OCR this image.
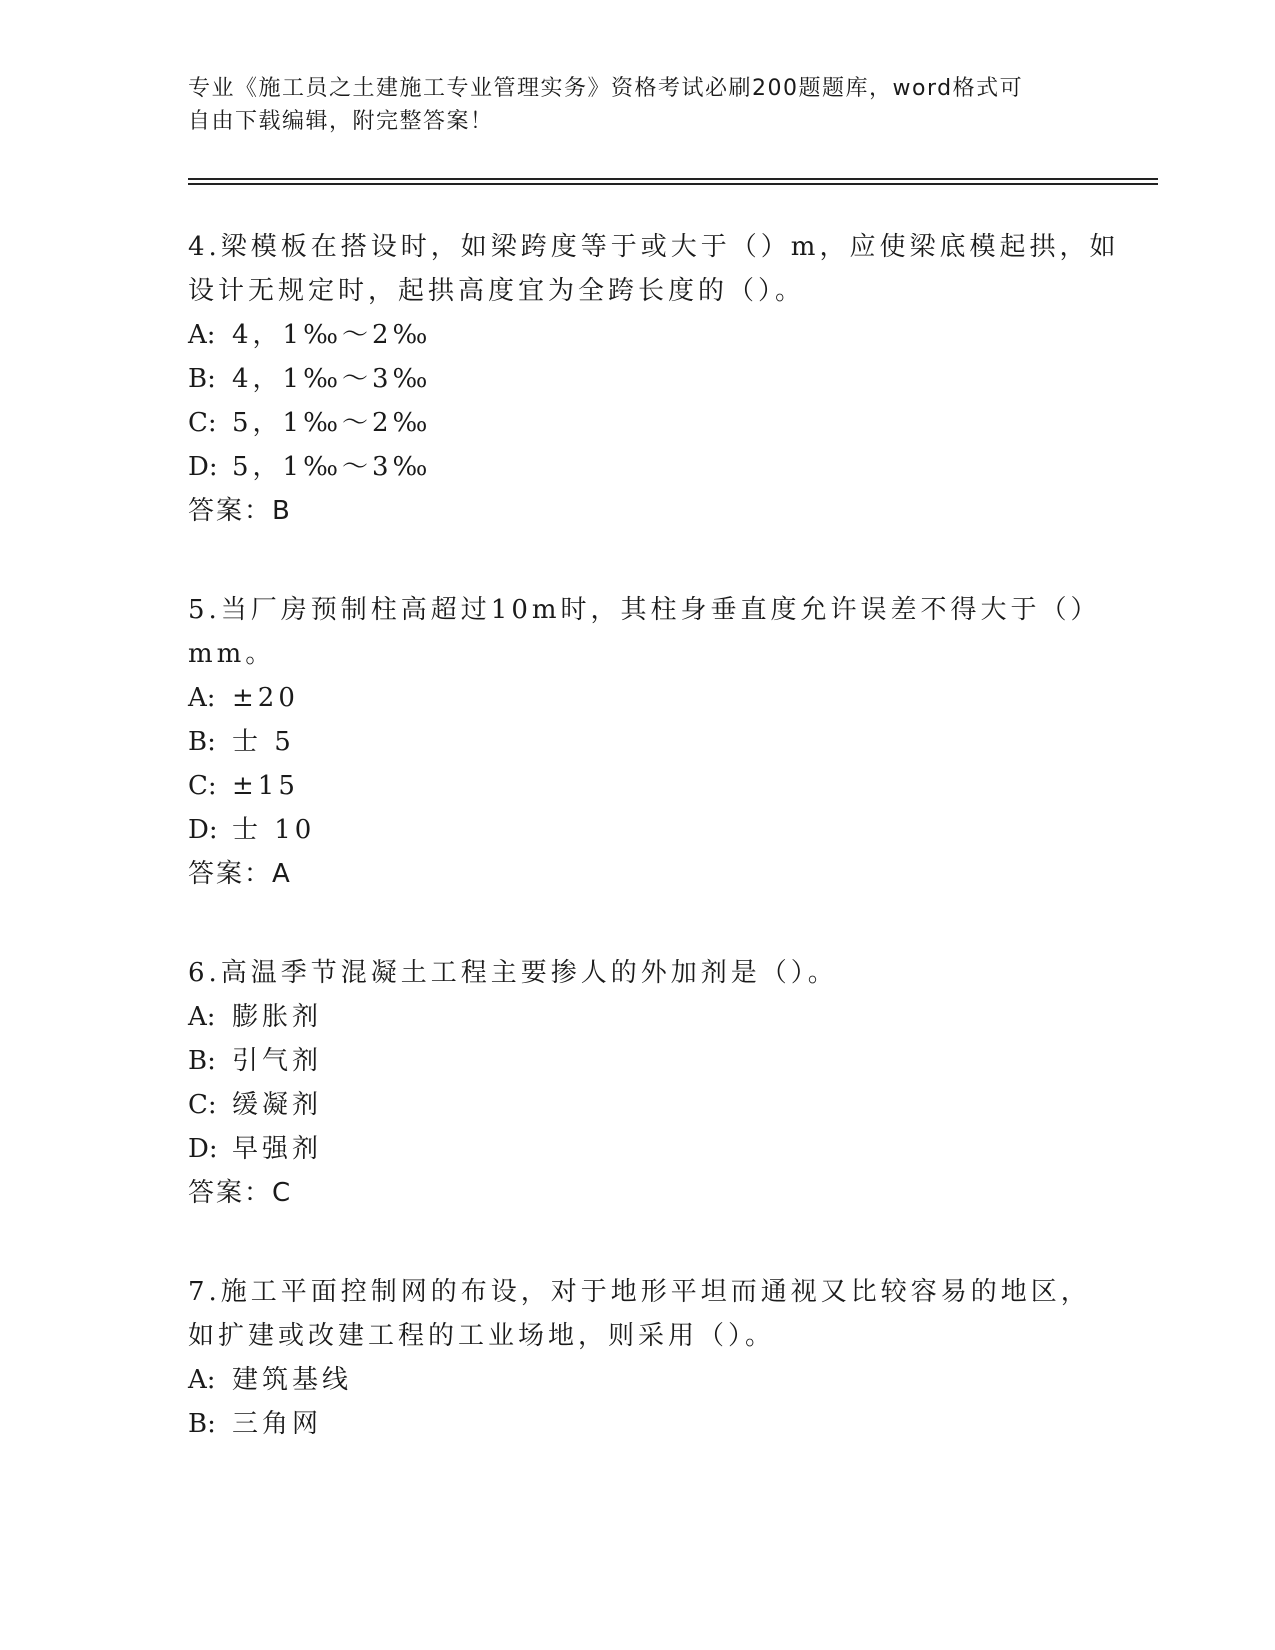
专业《施工员之土建施工专业管理实务》资格考试必刷200题题库，word格式可
自由下载编辑，附完整答案！
4.梁模板在搭设时，如梁跨度等于或大于（）m，应使梁底模起拱，如
设计无规定时，起拱高度宜为全跨长度的（）。
A: 4，1‰～2‰
B: 4，1‰～3‰
C: 5，1‰～2‰
D: 5，1‰～3‰
答案：B
5.当厂房预制柱高超过10m时，其柱身垂直度允许误差不得大于（）
mm。
A: ±20
B: 士 5
C: ±15
D: 士 10
答案：A
6.高温季节混凝土工程主要掺人的外加剂是（）。
A: 膨胀剂
B: 引气剂
C: 缓凝剂
D: 早强剂
答案：C
7.施工平面控制网的布设，对于地形平坦而通视又比较容易的地区，
如扩建或改建工程的工业场地，则采用（）。
A: 建筑基线
B: 三角网
